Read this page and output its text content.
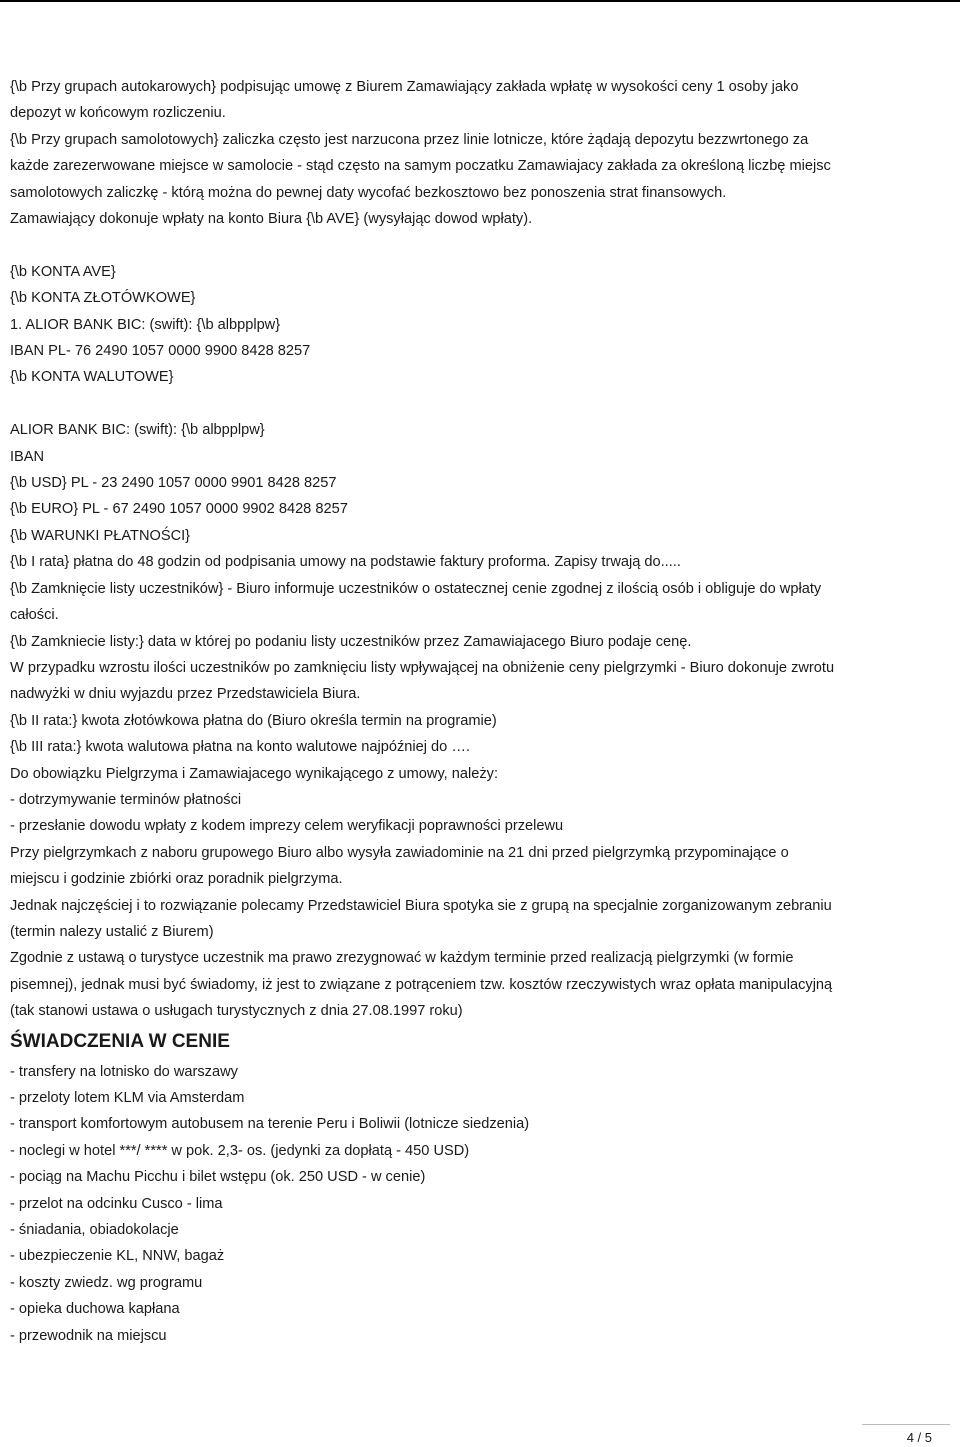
{\b Przy grupach autokarowych} podpisując umowę z Biurem Zamawiający zakłada wpłatę w wysokości ceny 1 osoby jako

depozyt w końcowym rozliczeniu.

{\b Przy grupach samolotowych} zaliczka często jest narzucona przez linie lotnicze, które żądają depozytu bezzwrtonego za

każde zarezerwowane miejsce w samolocie - stąd często na samym poczatku Zamawiajacy zakłada za określoną liczbę miejsc

samolotowych zaliczkę - którą można do pewnej daty wycofać bezkosztowo bez ponoszenia strat finansowych.

Zamawiający dokonuje wpłaty na konto Biura {\b AVE} (wysyłając dowod wpłaty).

{\b KONTA AVE}

{\b KONTA ZŁOTÓWKOWE}

1. ALIOR BANK BIC: (swift): {\b albpplpw}

IBAN PL- 76 2490 1057 0000 9900 8428 8257

{\b KONTA WALUTOWE}

ALIOR BANK BIC: (swift): {\b albpplpw}

IBAN

{\b USD} PL - 23 2490 1057 0000 9901 8428 8257

{\b EURO} PL - 67 2490 1057 0000 9902 8428 8257

{\b WARUNKI PŁATNOŚCI}

{\b I rata} płatna do 48 godzin od podpisania umowy na podstawie faktury proforma. Zapisy trwają do.....

{\b Zamknięcie listy uczestników} - Biuro informuje uczestników o ostatecznej cenie zgodnej z ilością osób i obliguje do wpłaty

całości.

{\b Zamkniecie listy:} data w której po podaniu listy uczestników przez Zamawiajacego Biuro podaje cenę.

W przypadku wzrostu ilości uczestników po zamknięciu listy wpływającej na obniżenie ceny pielgrzymki - Biuro dokonuje zwrotu

nadwyżki w dniu wyjazdu przez Przedstawiciela Biura.

{\b II rata:} kwota złotówkowa płatna do (Biuro określa termin na programie)

{\b III rata:} kwota walutowa płatna na konto walutowe najpóźniej do ….

Do obowiązku Pielgrzyma i Zamawiajacego wynikającego z umowy, należy:

- dotrzymywanie terminów płatności

- przesłanie dowodu wpłaty z kodem imprezy celem weryfikacji poprawności przelewu

Przy pielgrzymkach z naboru grupowego Biuro albo wysyła zawiadominie na 21 dni przed pielgrzymką przypominające o

miejscu i godzinie zbiórki oraz poradnik pielgrzyma.

Jednak najczęściej i to rozwiązanie polecamy Przedstawiciel Biura spotyka sie z grupą na specjalnie zorganizowanym zebraniu

(termin nalezy ustalić z Biurem)

Zgodnie z ustawą o turystyce uczestnik ma prawo zrezygnować w każdym terminie przed realizacją pielgrzymki (w formie

pisemnej), jednak musi być świadomy, iż jest to związane z potrąceniem tzw. kosztów rzeczywistych wraz opłata manipulacyjną

(tak stanowi ustawa o usługach turystycznych z dnia 27.08.1997 roku)

ŚWIADCZENIA W CENIE

- transfery na lotnisko do warszawy

- przeloty lotem KLM via Amsterdam

- transport komfortowym autobusem na terenie Peru i Boliwii (lotnicze siedzenia)

- noclegi w hotel ***/ **** w pok. 2,3- os. (jedynki za dopłatą - 450 USD)

- pociąg na Machu Picchu i bilet wstępu (ok. 250 USD - w cenie)

- przelot na odcinku Cusco - lima

- śniadania, obiadokolacje

- ubezpieczenie KL, NNW, bagaż

- koszty zwiedz. wg programu

- opieka duchowa kapłana

- przewodnik na miejscu

4 / 5
